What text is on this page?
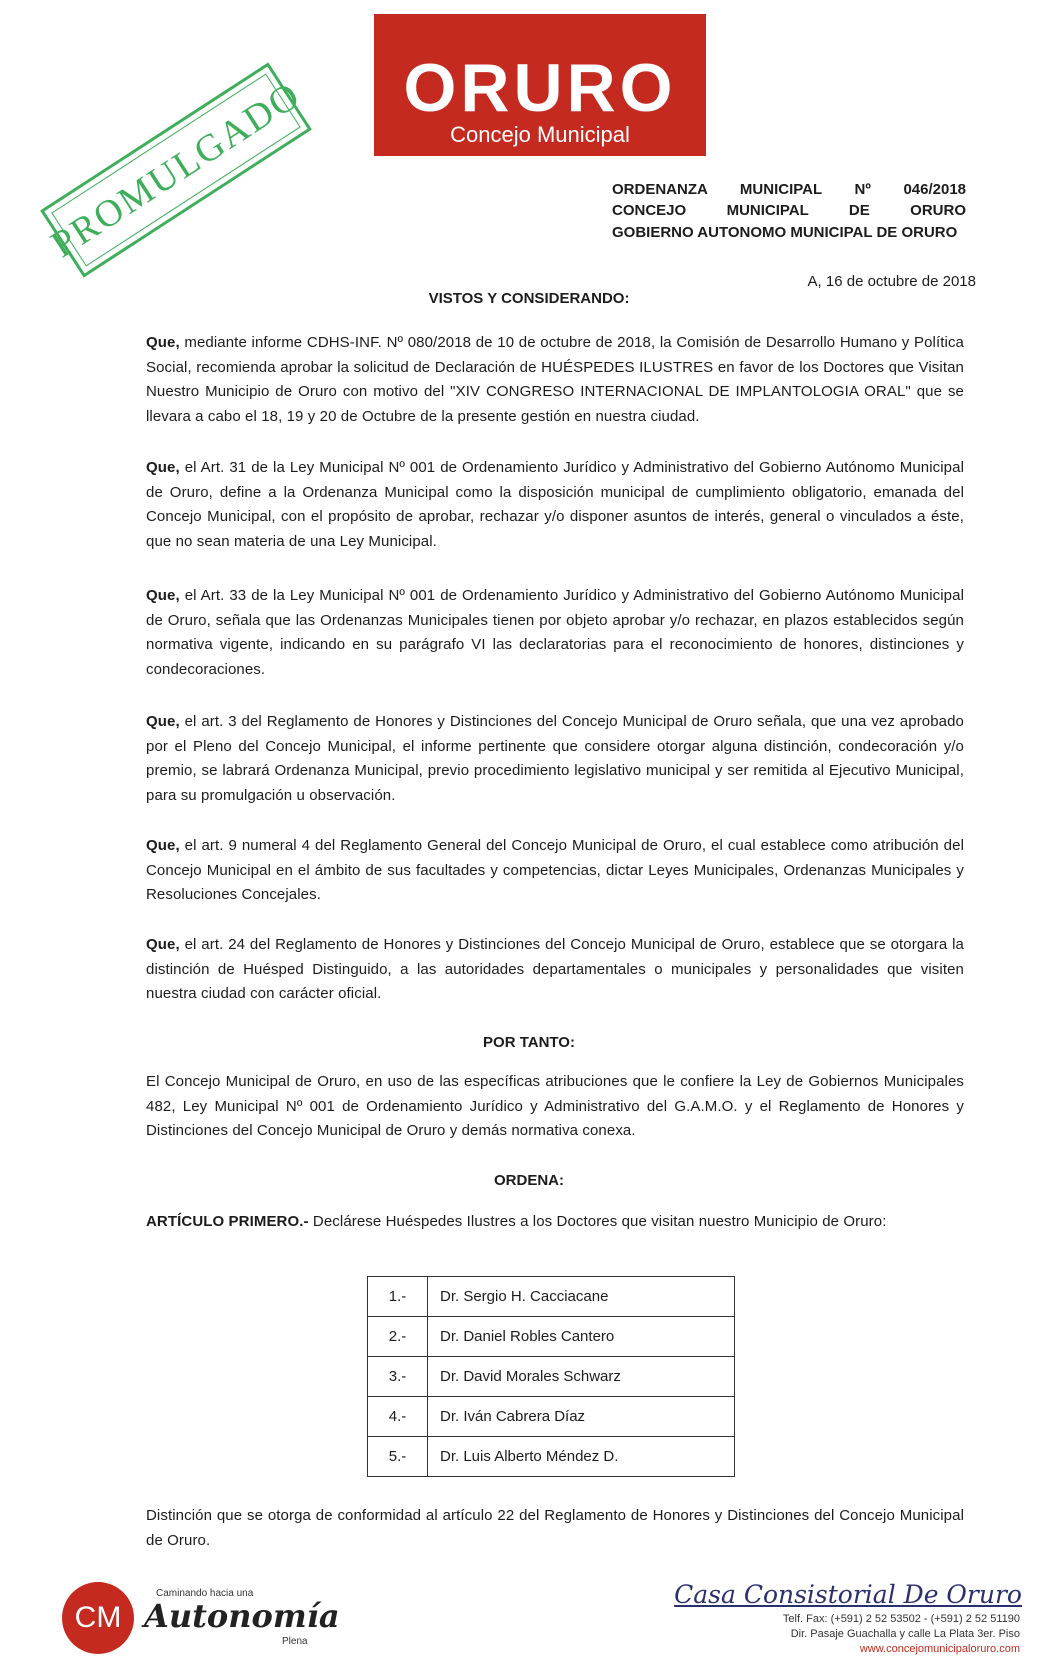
ORURO
Concejo Municipal
PROMULGADO	ORDENANZA MUNICIPAL Nº 046/2018
CONCEJO	MUNICIPAL	DE	ORURO
GOBIERNO AUTONOMO MUNICIPAL DE ORURO
A, 16 de octubre de 2018
VISTOS Y CONSIDERANDO:
Que, mediante informe CDHS-INF. Nº 080/2018 de 10 de octubre de 2018, la Comisión de Desarrollo Humano y Política Social, recomienda aprobar la solicitud de Declaración de HUÉSPEDES ILUSTRES en favor de los Doctores que Visitan Nuestro Municipio de Oruro con motivo del "XIV CONGRESO INTERNACIONAL DE IMPLANTOLOGIA ORAL" que se llevara a cabo el 18, 19 y 20 de Octubre de la presente gestión en nuestra ciudad.
Que, el Art. 31 de la Ley Municipal Nº 001 de Ordenamiento Jurídico y Administrativo del Gobierno Autónomo Municipal de Oruro, define a la Ordenanza Municipal como la disposición municipal de cumplimiento obligatorio, emanada del Concejo Municipal, con el propósito de aprobar, rechazar y/o disponer asuntos de interés, general o vinculados a éste, que no sean materia de una Ley Municipal.
Que, el Art. 33 de la Ley Municipal Nº 001 de Ordenamiento Jurídico y Administrativo del Gobierno Autónomo Municipal de Oruro, señala que las Ordenanzas Municipales tienen por objeto aprobar y/o rechazar, en plazos establecidos según normativa vigente, indicando en su parágrafo VI las declaratorias para el reconocimiento de honores, distinciones y condecoraciones.
Que, el art. 3 del Reglamento de Honores y Distinciones del Concejo Municipal de Oruro señala, que una vez aprobado por el Pleno del Concejo Municipal, el informe pertinente que considere otorgar alguna distinción, condecoración y/o premio, se labrará Ordenanza Municipal, previo procedimiento legislativo municipal y ser remitida al Ejecutivo Municipal, para su promulgación u observación.
Que, el art. 9 numeral 4 del Reglamento General del Concejo Municipal de Oruro, el cual establece como atribución del Concejo Municipal en el ámbito de sus facultades y competencias, dictar Leyes Municipales, Ordenanzas Municipales y Resoluciones Concejales.
Que, el art. 24 del Reglamento de Honores y Distinciones del Concejo Municipal de Oruro, establece que se otorgara la distinción de Huésped Distinguido, a las autoridades departamentales o municipales y personalidades que visiten nuestra ciudad con carácter oficial.
POR TANTO:
El Concejo Municipal de Oruro, en uso de las específicas atribuciones que le confiere la Ley de Gobiernos Municipales 482, Ley Municipal Nº 001 de Ordenamiento Jurídico y Administrativo del G.A.M.O. y el Reglamento de Honores y Distinciones del Concejo Municipal de Oruro y demás normativa conexa.
ORDENA:
ARTÍCULO PRIMERO.- Declárese Huéspedes Ilustres a los Doctores que visitan nuestro Municipio de Oruro:
1.-	Dr. Sergio H. Cacciacane
2.-	Dr. Daniel Robles Cantero
3.-	Dr. David Morales Schwarz
4.-	Dr. Iván Cabrera Díaz
5.-	Dr. Luis Alberto Méndez D.
Distinción que se otorga de conformidad al artículo 22 del Reglamento de Honores y Distinciones del Concejo Municipal de Oruro.
CM
Caminando hacia una
Autonomía
Plena
Casa Consistorial De Oruro
Telf. Fax: (+591) 2 52 53502 - (+591) 2 52 51190
Dir. Pasaje Guachalla y calle La Plata 3er. Piso
www.concejomunicipaloruro.com
